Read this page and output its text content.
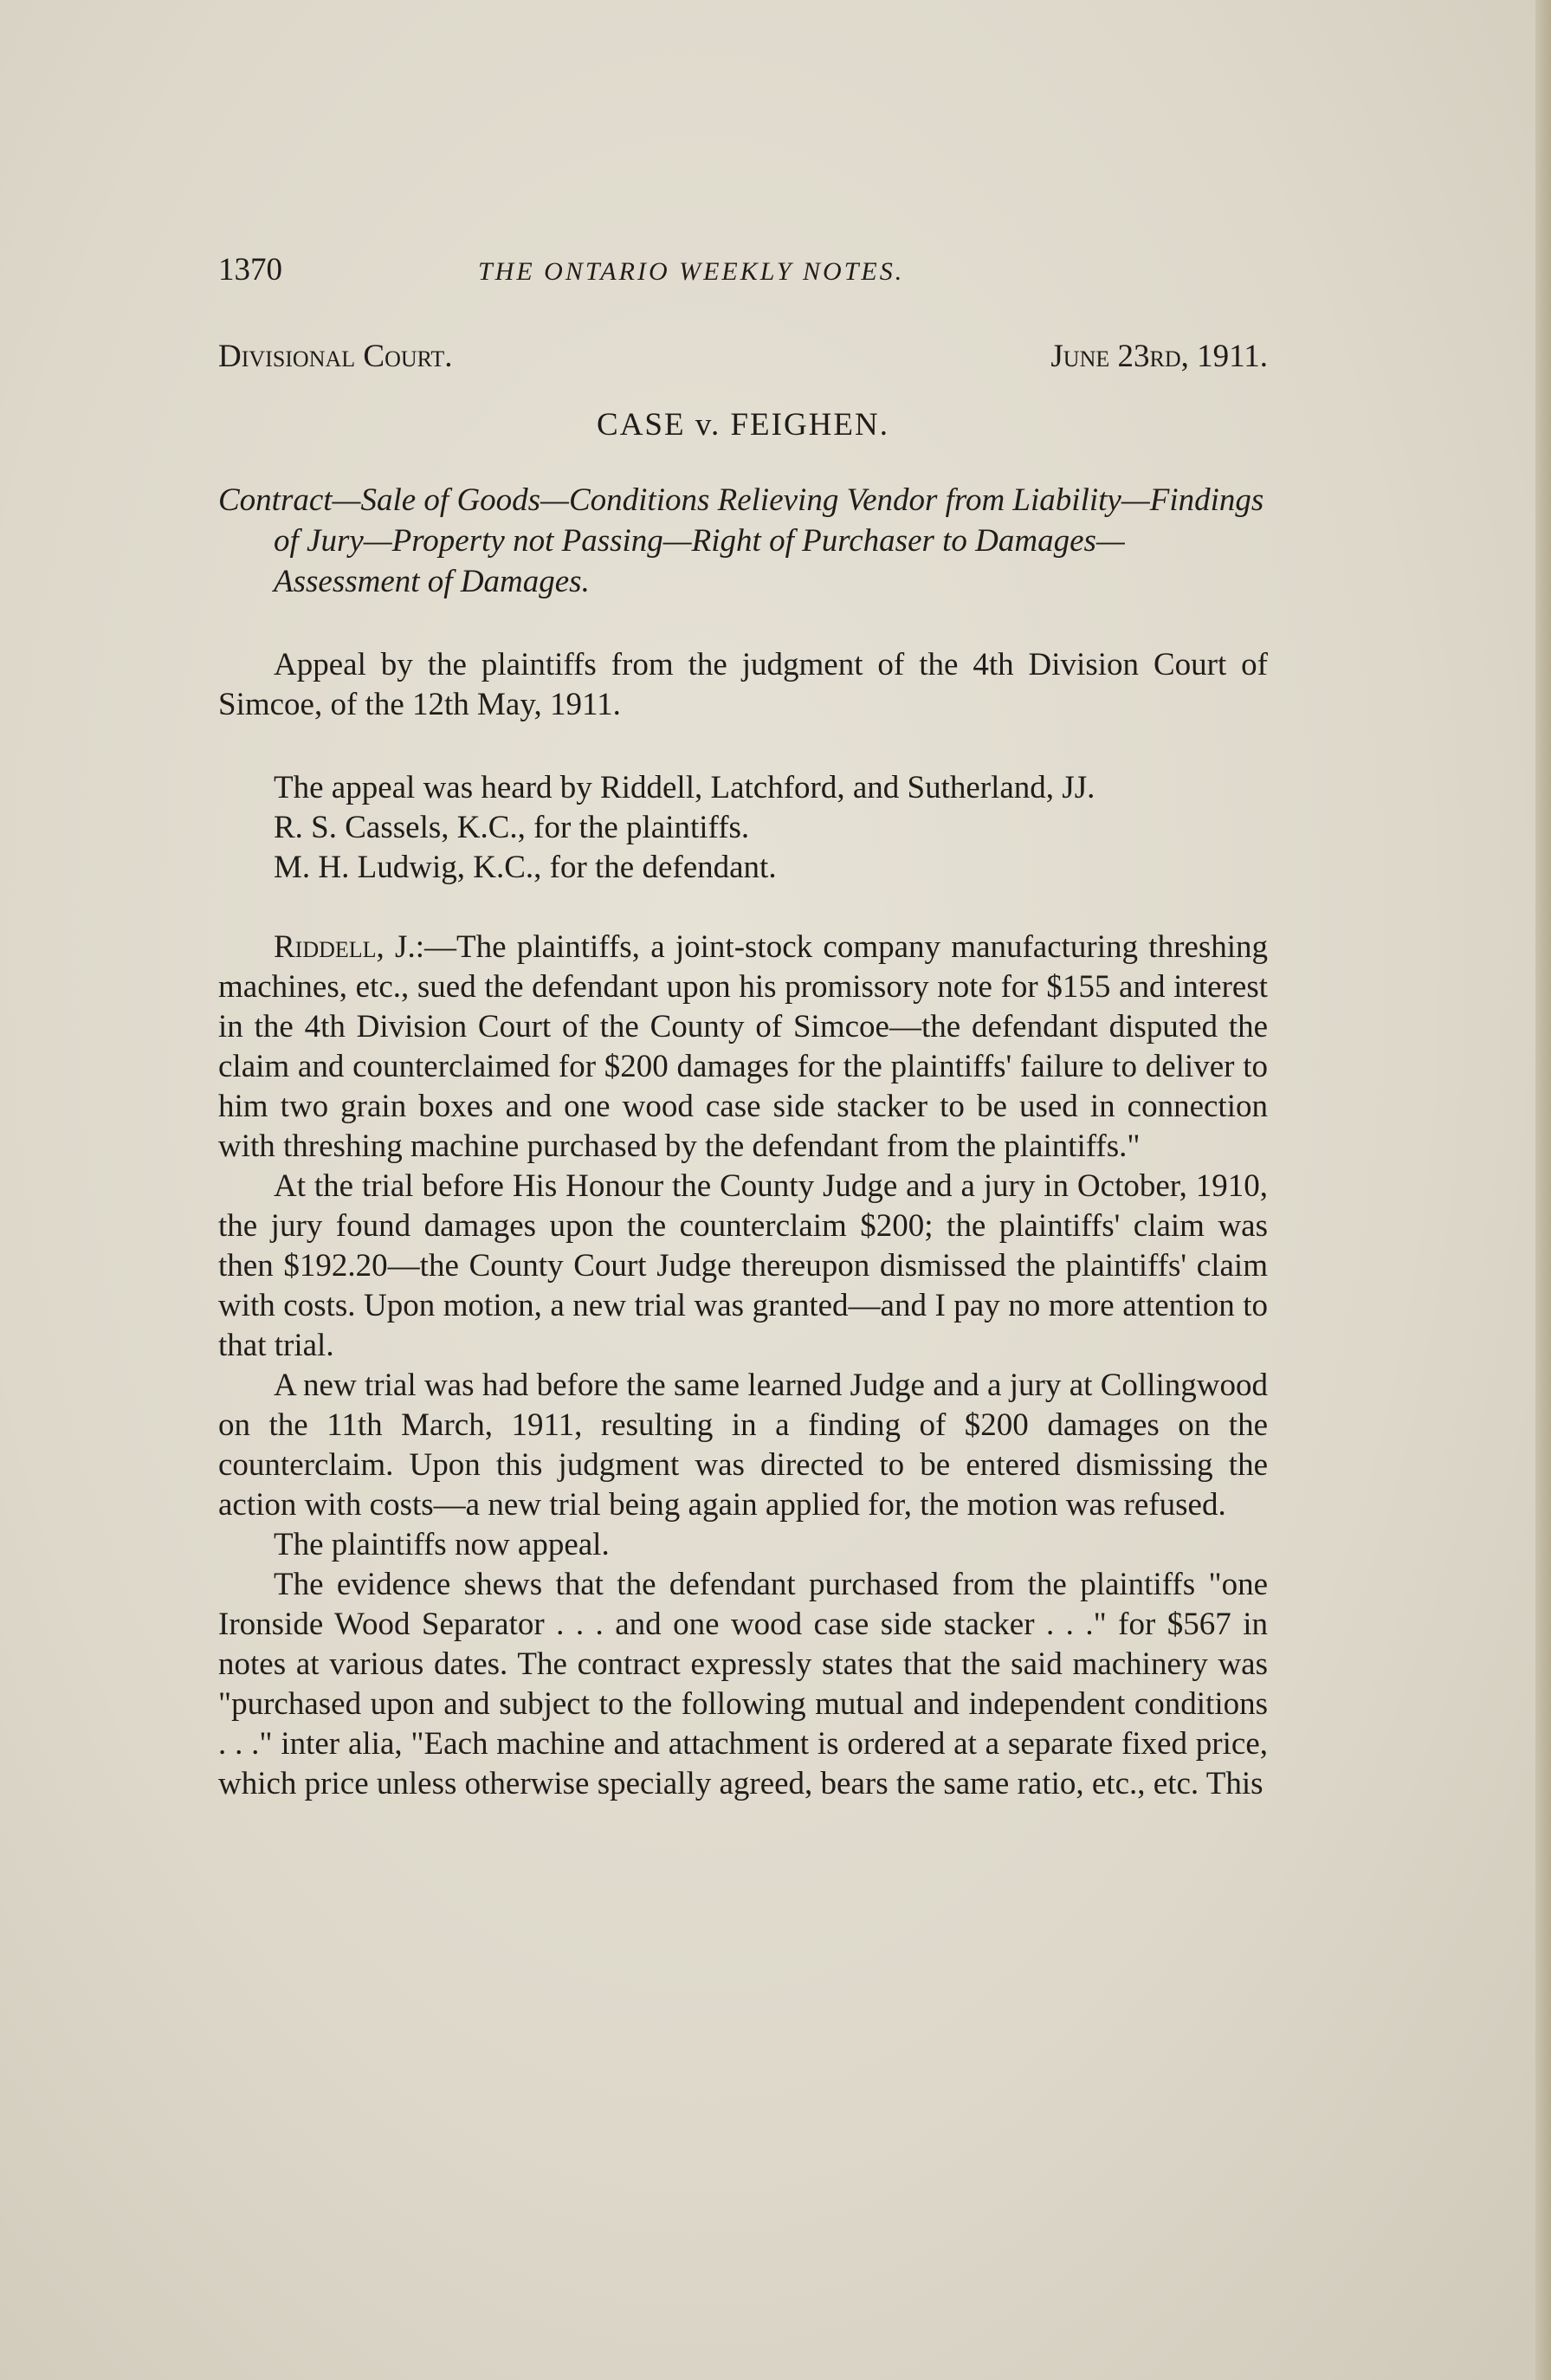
1370	THE ONTARIO WEEKLY NOTES.
Divisional Court.	June 23rd, 1911.
CASE v. FEIGHEN.
Contract—Sale of Goods—Conditions Relieving Vendor from Liability—Findings of Jury—Property not Passing—Right of Purchaser to Damages—Assessment of Damages.

Appeal by the plaintiffs from the judgment of the 4th Division Court of Simcoe, of the 12th May, 1911.

The appeal was heard by Riddell, Latchford, and Sutherland, JJ.

R. S. Cassels, K.C., for the plaintiffs.

M. H. Ludwig, K.C., for the defendant.

Riddell, J.:—The plaintiffs, a joint-stock company manufacturing threshing machines, etc., sued the defendant upon his promissory note for $155 and interest in the 4th Division Court of the County of Simcoe—the defendant disputed the claim and counterclaimed for $200 damages for the plaintiffs' failure to deliver to him two grain boxes and one wood case side stacker to be used in connection with threshing machine purchased by the defendant from the plaintiffs."

At the trial before His Honour the County Judge and a jury in October, 1910, the jury found damages upon the counterclaim $200; the plaintiffs' claim was then $192.20—the County Court Judge thereupon dismissed the plaintiffs' claim with costs. Upon motion, a new trial was granted—and I pay no more attention to that trial.

A new trial was had before the same learned Judge and a jury at Collingwood on the 11th March, 1911, resulting in a finding of $200 damages on the counterclaim. Upon this judgment was directed to be entered dismissing the action with costs—a new trial being again applied for, the motion was refused.

The plaintiffs now appeal.

The evidence shews that the defendant purchased from the plaintiffs "one Ironside Wood Separator . . . and one wood case side stacker . . ." for $567 in notes at various dates. The contract expressly states that the said machinery was "purchased upon and subject to the following mutual and independent conditions . . ." inter alia, "Each machine and attachment is ordered at a separate fixed price, which price unless otherwise specially agreed, bears the same ratio, etc., etc. This
